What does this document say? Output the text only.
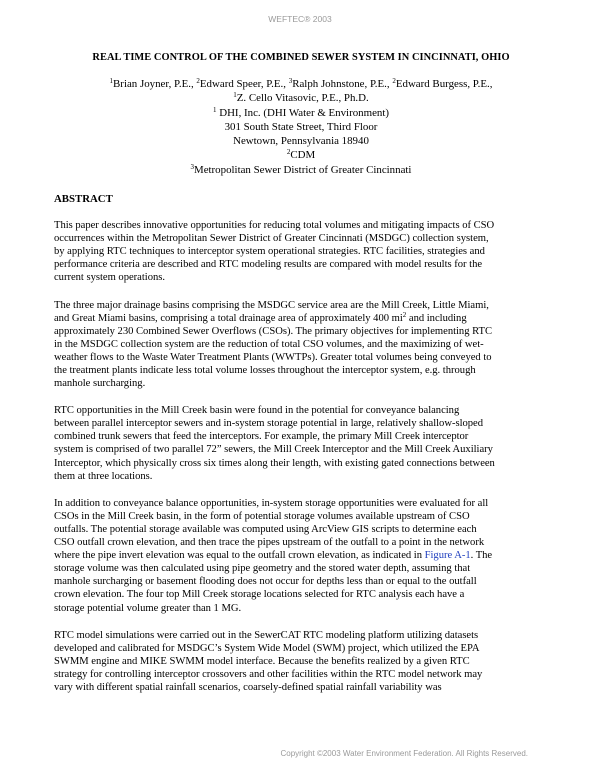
WEFTEC® 2003
REAL TIME CONTROL OF THE COMBINED SEWER SYSTEM IN CINCINNATI, OHIO
$^1$Brian Joyner, P.E., $^2$Edward Speer, P.E., $^3$Ralph Johnstone, P.E., $^2$Edward Burgess, P.E.,
$^1$Z. Cello Vitasovic, P.E., Ph.D.
$^1$ DHI, Inc. (DHI Water & Environment)
301 South State Street, Third Floor
Newtown, Pennsylvania 18940
$^2$CDM
$^3$Metropolitan Sewer District of Greater Cincinnati
ABSTRACT
This paper describes innovative opportunities for reducing total volumes and mitigating impacts of CSO
occurrences within the Metropolitan Sewer District of Greater Cincinnati (MSDGC) collection system,
by applying RTC techniques to interceptor system operational strategies. RTC facilities, strategies and
performance criteria are described and RTC modeling results are compared with model results for the
current system operations.
The three major drainage basins comprising the MSDGC service area are the Mill Creek, Little Miami,
and Great Miami basins, comprising a total drainage area of approximately 400 $mi^2$ and including
approximately 230 Combined Sewer Overflows (CSOs). The primary objectives for implementing RTC
in the MSDGC collection system are the reduction of total CSO volumes, and the maximizing of wet-
weather flows to the Waste Water Treatment Plants (WWTPs). Greater total volumes being conveyed to
the treatment plants indicate less total volume losses throughout the interceptor system, e.g. through
manhole surcharging.
RTC opportunities in the Mill Creek basin were found in the potential for conveyance balancing
between parallel interceptor sewers and in-system storage potential in large, relatively shallow-sloped
combined trunk sewers that feed the interceptors. For example, the primary Mill Creek interceptor
system is comprised of two parallel 72” sewers, the Mill Creek Interceptor and the Mill Creek Auxiliary
Interceptor, which physically cross six times along their length, with existing gated connections between
them at three locations.
In addition to conveyance balance opportunities, in-system storage opportunities were evaluated for all
CSOs in the Mill Creek basin, in the form of potential storage volumes available upstream of CSO
outfalls. The potential storage available was computed using ArcView GIS scripts to determine each
CSO outfall crown elevation, and then trace the pipes upstream of the outfall to a point in the network
where the pipe invert elevation was equal to the outfall crown elevation, as indicated in Figure A-1. The
storage volume was then calculated using pipe geometry and the stored water depth, assuming that
manhole surcharging or basement flooding does not occur for depths less than or equal to the outfall
crown elevation. The four top Mill Creek storage locations selected for RTC analysis each have a
storage potential volume greater than 1 MG.
RTC model simulations were carried out in the SewerCAT RTC modeling platform utilizing datasets
developed and calibrated for MSDGC’s System Wide Model (SWM) project, which utilized the EPA
SWMM engine and MIKE SWMM model interface. Because the benefits realized by a given RTC
strategy for controlling interceptor crossovers and other facilities within the RTC model network may
vary with different spatial rainfall scenarios, coarsely-defined spatial rainfall variability was
Copyright ©2003 Water Environment Federation. All Rights Reserved.
